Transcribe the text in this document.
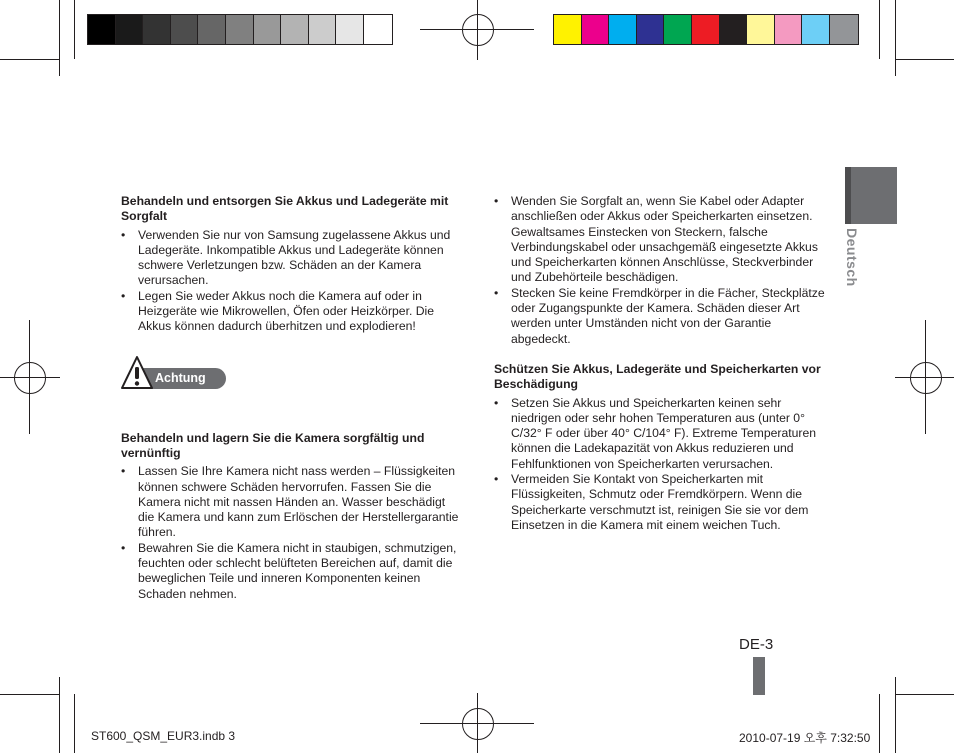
Behandeln und entsorgen Sie Akkus und Ladegeräte mit Sorgfalt

• Verwenden Sie nur von Samsung zugelassene Akkus und Ladegeräte. Inkompatible Akkus und Ladegeräte können schwere Verletzungen bzw. Schäden an der Kamera verursachen.
• Legen Sie weder Akkus noch die Kamera auf oder in Heizgeräte wie Mikrowellen, Öfen oder Heizkörper. Die Akkus können dadurch überhitzen und explodieren!

Behandeln und lagern Sie die Kamera sorgfältig und vernünftig

• Lassen Sie Ihre Kamera nicht nass werden – Flüssigkeiten können schwere Schäden hervorrufen. Fassen Sie die Kamera nicht mit nassen Händen an. Wasser beschädigt die Kamera und kann zum Erlöschen der Herstellergarantie führen.
• Bewahren Sie die Kamera nicht in staubigen, schmutzigen, feuchten oder schlecht belüfteten Bereichen auf, damit die beweglichen Teile und inneren Komponenten keinen Schaden nehmen.
Achtung
• Wenden Sie Sorgfalt an, wenn Sie Kabel oder Adapter anschließen oder Akkus oder Speicherkarten einsetzen. Gewaltsames Einstecken von Steckern, falsche Verbindungskabel oder unsachgemäß eingesetzte Akkus und Speicherkarten können Anschlüsse, Steckverbinder und Zubehörteile beschädigen.
• Stecken Sie keine Fremdkörper in die Fächer, Steckplätze oder Zugangspunkte der Kamera. Schäden dieser Art werden unter Umständen nicht von der Garantie abgedeckt.

Schützen Sie Akkus, Ladegeräte und Speicherkarten vor Beschädigung

• Setzen Sie Akkus und Speicherkarten keinen sehr niedrigen oder sehr hohen Temperaturen aus (unter 0° C/32° F oder über 40° C/104° F). Extreme Temperaturen können die Ladekapazität von Akkus reduzieren und Fehlfunktionen von Speicherkarten verursachen.
• Vermeiden Sie Kontakt von Speicherkarten mit Flüssigkeiten, Schmutz oder Fremdkörpern. Wenn die Speicherkarte verschmutzt ist, reinigen Sie sie vor dem Einsetzen in die Kamera mit einem weichen Tuch.
Deutsch
DE-3
ST600_QSM_EUR3.indb 3	2010-07-19 오후 7:32:50
